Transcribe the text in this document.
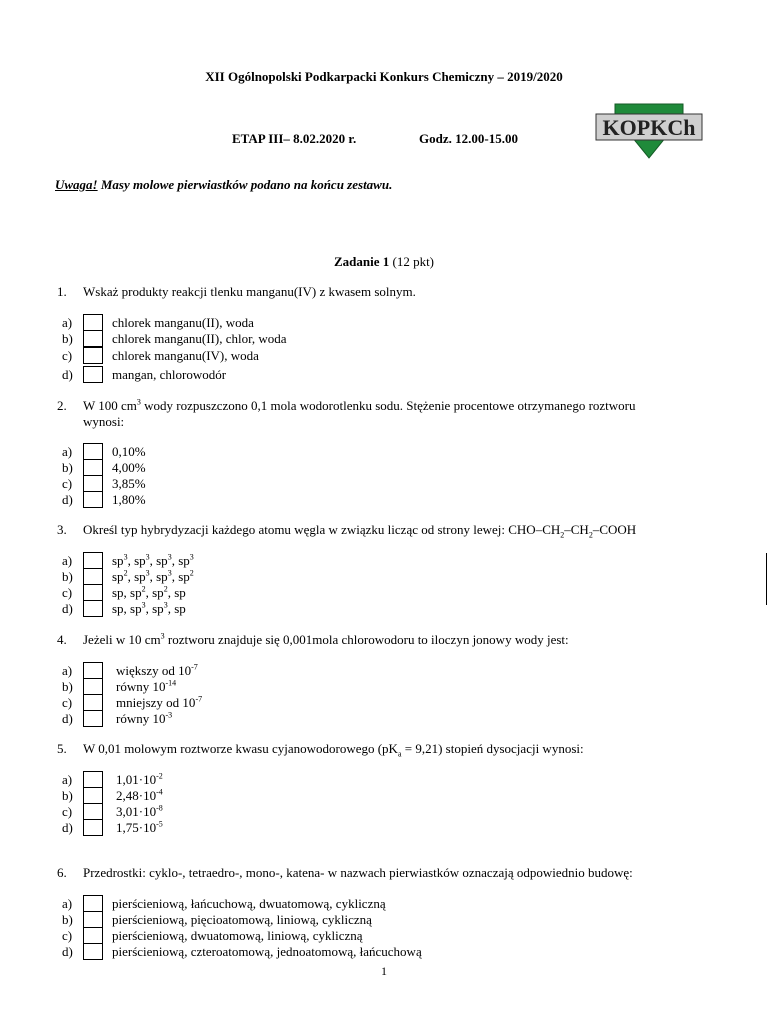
XII Ogólnopolski Podkarpacki Konkurs Chemiczny – 2019/2020
ETAP III– 8.02.2020 r.	Godz. 12.00-15.00	KOPKCh
Uwaga! Masy molowe pierwiastków podano na końcu zestawu.
Zadanie 1 (12 pkt)
1. Wskaż produkty reakcji tlenku manganu(IV) z kwasem solnym.
a)	chlorek manganu(II), woda
b)	chlorek manganu(II), chlor, woda
c)	chlorek manganu(IV), woda
d)	mangan, chlorowodór
2. W 100 $cm^3$ wody rozpuszczono 0,1 mola wodorotlenku sodu. Stężenie procentowe otrzymanego roztworu
wynosi:
a)	0,10%
b)	4,00%
c)	3,85%
d)	1,80%
3. Określ typ hybrydyzacji każdego atomu węgla w związku licząc od strony lewej: CHO–$CH_2-CH_2$–COOH
a)	$sp^3$, $sp^3$, $sp^3$, $sp^3$
b)	$sp^2$, $sp^3$, $sp^3$, $sp^2$
c)	sp, $sp^2$, $sp^2$, sp
d)	sp, $sp^3$, $sp^3$, sp
4. Jeżeli w 10 $cm^3$ roztworu znajduje się 0,001mola chlorowodoru to iloczyn jonowy wody jest:
a)	większy od $10^{-7}$
b)	równy $10^{-14}$
c)	mniejszy od $10^{-7}$
d)	równy $10^{-3}$
5. W 0,01 molowym roztworze kwasu cyjanowodorowego $(pK_a = 9,21)$ stopień dysocjacji wynosi:
a)	$1,01\cdot 10^{-2}$
b)	$2,48\cdot 10^{-4}$
c)	$3,01\cdot 10^{-8}$
d)	$1,75\cdot 10^{-5}$
6. Przedrostki: cyklo-, tetraedro-, mono-, katena- w nazwach pierwiastków oznaczają odpowiednio budowę:
a)	pierścieniową, łańcuchową, dwuatomową, cykliczną
b)	pierścieniową, pięcioatomową, liniową, cykliczną
c)	pierścieniową, dwuatomową, liniową, cykliczną
d)	pierścieniową, czteroatomową, jednoatomową, łańcuchową
1
